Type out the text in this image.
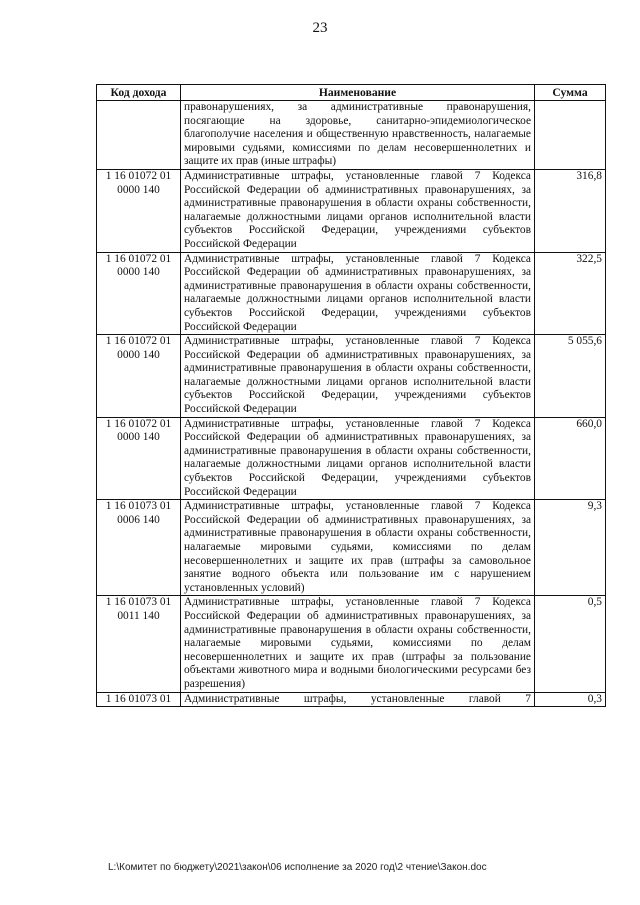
23
Код дохода	Наименование	Сумма
	правонарушениях, за административные правонарушения, посягающие на здоровье, санитарно-эпидемиологическое благополучие населения и общественную нравственность, налагаемые мировыми судьями, комиссиями по делам несовершеннолетних и защите их прав (иные штрафы)	
1 16 01072 01 0000 140	Административные штрафы, установленные главой 7 Кодекса Российской Федерации об административных правонарушениях, за административные правонарушения в области охраны собственности, налагаемые должностными лицами органов исполнительной власти субъектов Российской Федерации, учреждениями субъектов Российской Федерации	316,8
1 16 01072 01 0000 140	Административные штрафы, установленные главой 7 Кодекса Российской Федерации об административных правонарушениях, за административные правонарушения в области охраны собственности, налагаемые должностными лицами органов исполнительной власти субъектов Российской Федерации, учреждениями субъектов Российской Федерации	322,5
1 16 01072 01 0000 140	Административные штрафы, установленные главой 7 Кодекса Российской Федерации об административных правонарушениях, за административные правонарушения в области охраны собственности, налагаемые должностными лицами органов исполнительной власти субъектов Российской Федерации, учреждениями субъектов Российской Федерации	5 055,6
1 16 01072 01 0000 140	Административные штрафы, установленные главой 7 Кодекса Российской Федерации об административных правонарушениях, за административные правонарушения в области охраны собственности, налагаемые должностными лицами органов исполнительной власти субъектов Российской Федерации, учреждениями субъектов Российской Федерации	660,0
1 16 01073 01 0006 140	Административные штрафы, установленные главой 7 Кодекса Российской Федерации об административных правонарушениях, за административные правонарушения в области охраны собственности, налагаемые мировыми судьями, комиссиями по делам несовершеннолетних и защите их прав (штрафы за самовольное занятие водного объекта или пользование им с нарушением установленных условий)	9,3
1 16 01073 01 0011 140	Административные штрафы, установленные главой 7 Кодекса Российской Федерации об административных правонарушениях, за административные правонарушения в области охраны собственности, налагаемые мировыми судьями, комиссиями по делам несовершеннолетних и защите их прав (штрафы за пользование объектами животного мира и водными биологическими ресурсами без разрешения)	0,5
1 16 01073 01	Административные штрафы, установленные главой 7	0,3
L:\Комитет по бюджету\2021\закон\06 исполнение за 2020 год\2 чтение\Закон.doc
